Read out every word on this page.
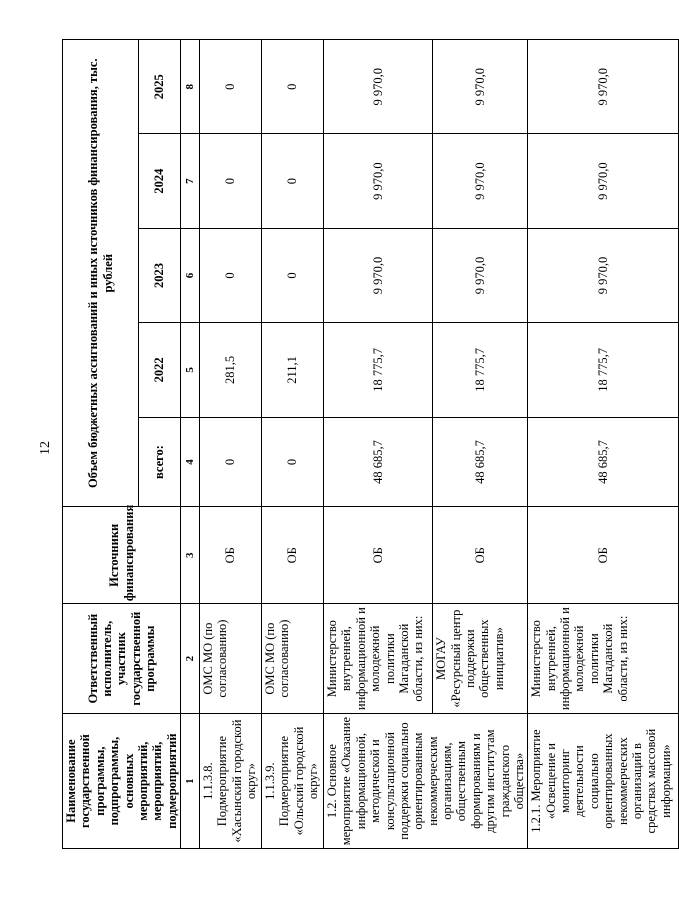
12
Наименование государственной программы, подпрограммы, основных мероприятий, мероприятий, подмероприятий	Ответственный исполнитель, участник государственной программы	Источники финансирования	Объем бюджетных ассигнований и иных источников финансирования, тыс. рублей				
			всего:	2022	2023	2024	2025
1	2	3	4	5	6	7	8
1.1.3.8. Подмероприятие «Хасынский городской округ»	ОМС МО (по согласованию)	ОБ	0	281,5	0	0	0
1.1.3.9. Подмероприятие «Ольский городской округ»	ОМС МО (по согласованию)	ОБ	0	211,1	0	0	0
1.2. Основное мероприятие «Оказание информационной, методической и консультационной поддержки социально ориентированным некоммерческим организациям, общественным формированиям и другим институтам гражданского общества»	Министерство внутренней, информационной и молодежной политики Магаданской области, из них:	ОБ	48 685,7	18 775,7	9 970,0	9 970,0	9 970,0
	МОГАУ «Ресурсный центр поддержки общественных инициатив»	ОБ	48 685,7	18 775,7	9 970,0	9 970,0	9 970,0
1.2.1. Мероприятие «Освещение и мониторинг деятельности социально ориентированных некоммерческих организаций в средствах массовой информации»	Министерство внутренней, информационной и молодежной политики Магаданской области, из них:	ОБ	48 685,7	18 775,7	9 970,0	9 970,0	9 970,0
